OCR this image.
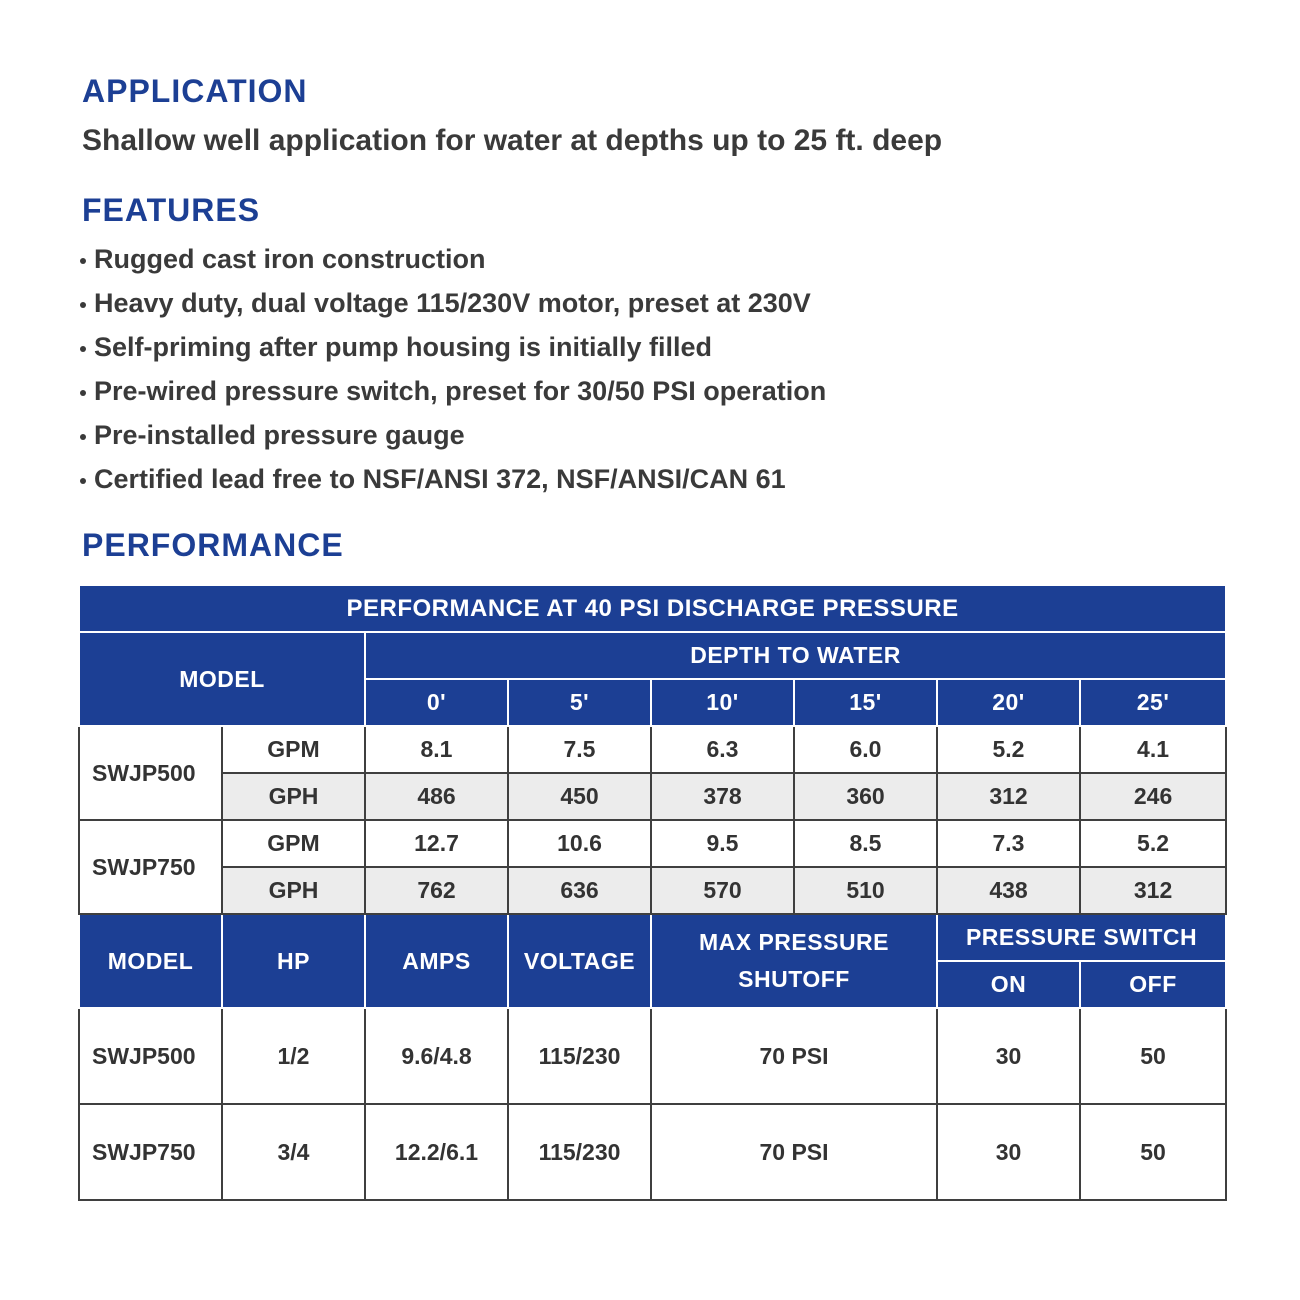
APPLICATION

Shallow well application for water at depths up to 25 ft. deep

FEATURES
Rugged cast iron construction
Heavy duty, dual voltage 115/230V motor, preset at 230V
Self-priming after pump housing is initially filled
Pre-wired pressure switch, preset for 30/50 PSI operation
Pre-installed pressure gauge
Certified lead free to NSF/ANSI 372, NSF/ANSI/CAN 61
PERFORMANCE
PERFORMANCE AT 40 PSI DISCHARGE PRESSURE							
MODEL		DEPTH TO WATER					
		0'	5'	10'	15'	20'	25'
SWJP500	GPM	8.1	7.5	6.3	6.0	5.2	4.1
	GPH	486	450	378	360	312	246
SWJP750	GPM	12.7	10.6	9.5	8.5	7.3	5.2
	GPH	762	636	570	510	438	312
MODEL	HP	AMPS	VOLTAGE	MAX PRESSURE SHUTOFF		PRESSURE SWITCH	
						ON	OFF
SWJP500	1/2	9.6/4.8	115/230	70 PSI		30	50
SWJP750	3/4	12.2/6.1	115/230	70 PSI		30	50
